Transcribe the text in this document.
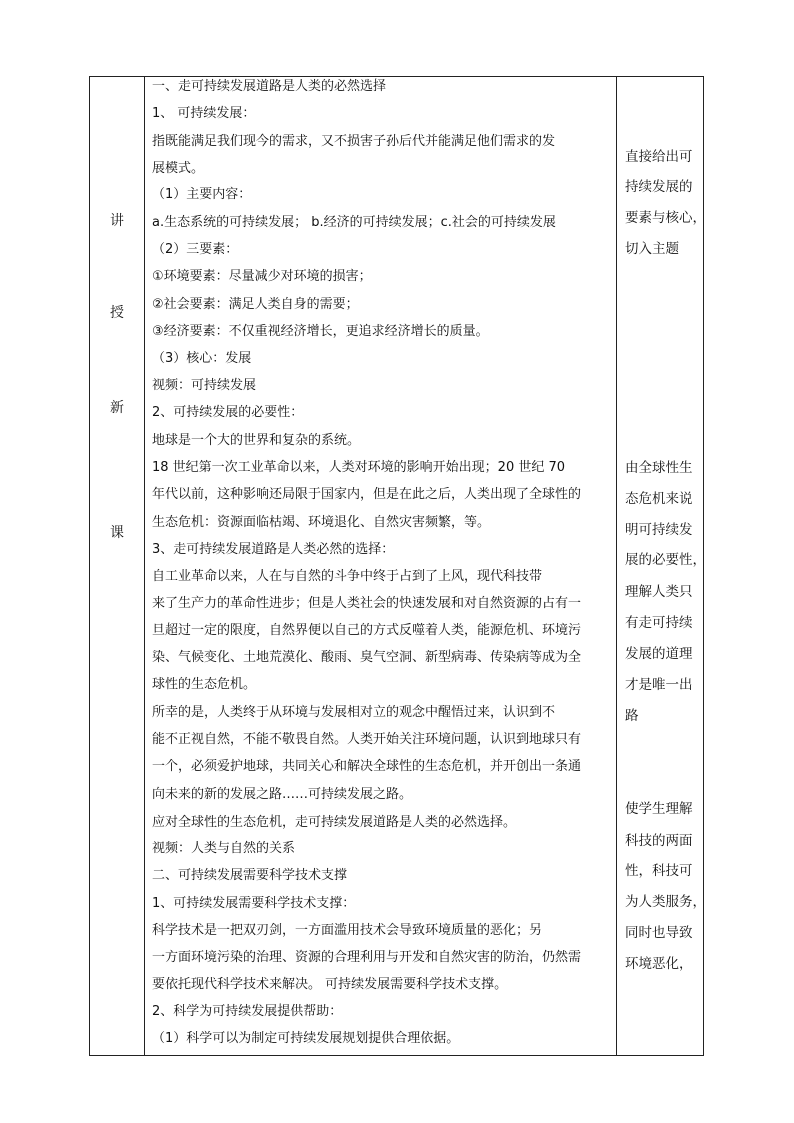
讲
授
新
课
一、走可持续发展道路是人类的必然选择
1、 可持续发展：
指既能满足我们现今的需求，又不损害子孙后代并能满足他们需求的发
展模式。
（1）主要内容：
a.生态系统的可持续发展； b.经济的可持续发展；c.社会的可持续发展
（2）三要素：
①环境要素：尽量减少对环境的损害；
②社会要素：满足人类自身的需要；
③经济要素：不仅重视经济增长，更追求经济增长的质量。
（3）核心：发展
视频：可持续发展
2、可持续发展的必要性：
地球是一个大的世界和复杂的系统。
18 世纪第一次工业革命以来，人类对环境的影响开始出现；20 世纪 70
年代以前，这种影响还局限于国家内，但是在此之后，人类出现了全球性的
生态危机：资源面临枯竭、环境退化、自然灾害频繁，等。
3、走可持续发展道路是人类必然的选择：
自工业革命以来，人在与自然的斗争中终于占到了上风，现代科技带
来了生产力的革命性进步；但是人类社会的快速发展和对自然资源的占有一
旦超过一定的限度，自然界便以自己的方式反噬着人类，能源危机、环境污
染、气候变化、土地荒漠化、酸雨、臭气空洞、新型病毒、传染病等成为全
球性的生态危机。
所幸的是，人类终于从环境与发展相对立的观念中醒悟过来，认识到不
能不正视自然，不能不敬畏自然。人类开始关注环境问题，认识到地球只有
一个，必须爱护地球，共同关心和解决全球性的生态危机，并开创出一条通
向未来的新的发展之路……可持续发展之路。
应对全球性的生态危机，走可持续发展道路是人类的必然选择。
视频：人类与自然的关系
二、可持续发展需要科学技术支撑
1、可持续发展需要科学技术支撑：
科学技术是一把双刃剑，一方面滥用技术会导致环境质量的恶化；另
一方面环境污染的治理、资源的合理利用与开发和自然灾害的防治，仍然需
要依托现代科学技术来解决。 可持续发展需要科学技术支撑。
2、科学为可持续发展提供帮助：
（1）科学可以为制定可持续发展规划提供合理依据。
直接给出可
持续发展的
要素与核心，
切入主题
由全球性生
态危机来说
明可持续发
展的必要性，
理解人类只
有走可持续
发展的道理
才是唯一出
路
使学生理解
科技的两面
性，科技可
为人类服务，
同时也导致
环境恶化，
